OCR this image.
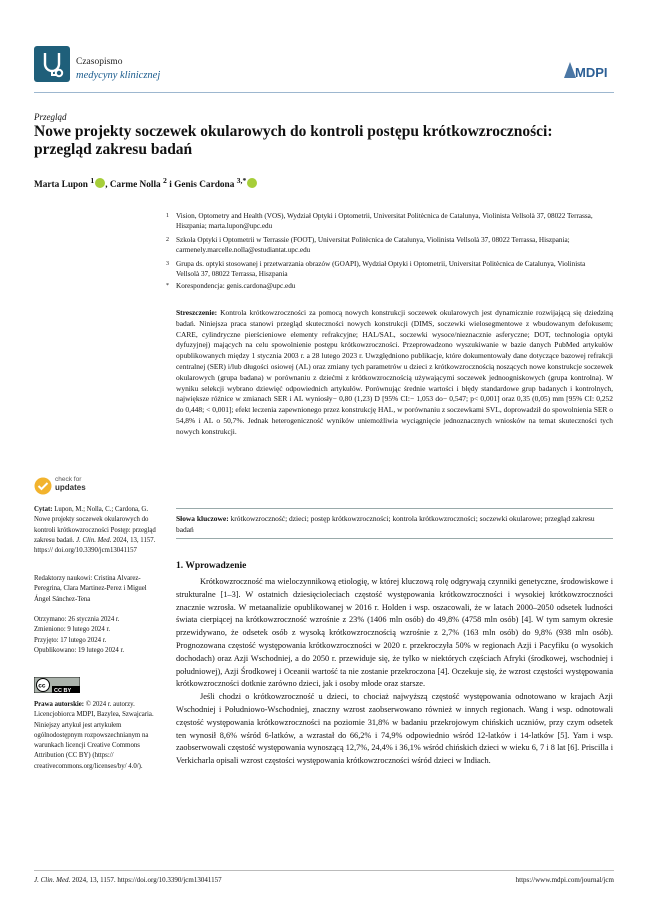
Czasopismo
medycyny klinicznej	MDPI
Przegląd
Nowe projekty soczewek okularowych do kontroli postępu krótkowzroczności: przegląd zakresu badań
Marta Lupon $^1$ , Carme Nolla $^2$ i Genis Cardona $^{3,*}$
1 Vision, Optometry and Health (VOS), Wydział Optyki i Optometrii, Universitat Politècnica de Catalunya, Violinista Vellsolà 37, 08022 Terrassa, Hiszpania; marta.lupon@upc.edu
2 Szkoła Optyki i Optometrii w Terrassie (FOOT), Universitat Politècnica de Catalunya, Violinista Vellsolà 37, 08022 Terrassa, Hiszpania; carmenely.marcelle.nolla@estudiantat.upc.edu
3 Grupa ds. optyki stosowanej i przetwarzania obrazów (GOAPI), Wydział Optyki i Optometrii, Universitat Politècnica de Catalunya, Violinista Vellsolà 37, 08022 Terrassa, Hiszpania
* Korespondencja: genis.cardona@upc.edu
Streszczenie: Kontrola krótkowzroczności za pomocą nowych konstrukcji soczewek okularowych jest dynamicznie rozwijającą się dziedziną badań. Niniejsza praca stanowi przegląd skuteczności nowych konstrukcji (DIMS, soczewki wielosegmentowe z wbudowanym defokusem; CARE, cylindryczne pierścieniowe elementy refrakcyjne; HAL/SAL, soczewki wysoce/nieznacznie asferyczne; DOT, technologia optyki dyfuzyjnej) mających na celu spowolnienie postępu krótkowzroczności. Przeprowadzono wyszukiwanie w bazie danych PubMed artykułów opublikowanych między 1 stycznia 2003 r. a 28 lutego 2023 r. Uwzględniono publikacje, które dokumentowały dane dotyczące bazowej refrakcji centralnej (SER) i/lub długości osiowej (AL) oraz zmiany tych parametrów u dzieci z krótkowzrocznością noszących nowe konstrukcje soczewek okularowych (grupa badana) w porównaniu z dziećmi z krótkowzrocznością używającymi soczewek jednoogniskowych (grupa kontrolna). W wyniku selekcji wybrano dziewięć odpowiednich artykułów. Porównując średnie wartości i błędy standardowe grup badanych i kontrolnych, największe różnice w zmianach SER i AL wyniosły− 0,80 (1,23) D [95% CI:− 1,053 do− 0,547; p< 0,001] oraz 0,35 (0,05) mm [95% CI: 0,252 do 0,448; < 0,001]; efekt leczenia zapewnionego przez konstrukcję HAL, w porównaniu z soczewkami SVL, doprowadził do spowolnienia SER o 54,8% i AL o 50,7%. Jednak heterogeniczność wyników uniemożliwia wyciągnięcie jednoznacznych wniosków na temat skuteczności tych nowych konstrukcji.
Słowa kluczowe: krótkowzroczność; dzieci; postęp krótkowzroczności; kontrola krótkowzroczności; soczewki okularowe; przegląd zakresu badań
check for
updates
Cytat: Lupon, M.; Nolla, C.; Cardona, G. Nowe projekty soczewek okularowych do kontroli krótkowzroczności Postęp: przegląd zakresu badań. J. Clin. Med. 2024, 13, 1157. https:// doi.org/10.3390/jcm13041157
Redaktorzy naukowi: Cristina Alvarez-Peregrina, Clara Martinez-Perez i Miguel Ángel Sánchez-Tena
Otrzymano: 26 stycznia 2024 r.
Zmieniono: 9 lutego 2024 r.
Przyjęto: 17 lutego 2024 r.
Opublikowano: 19 lutego 2024 r.
cc
CC BY
Prawa autorskie: © 2024 r. autorzy. Licencjobiorca MDPI, Bazylea, Szwajcaria. Niniejszy artykuł jest artykułem ogólnodostępnym rozpowszechnianym na warunkach licencji Creative Commons Attribution (CC BY) (https:// creativecommons.org/licenses/by/ 4.0/).
1. Wprowadzenie

Krótkowzroczność ma wieloczynnikową etiologię, w której kluczową rolę odgrywają czynniki genetyczne, środowiskowe i strukturalne [1–3]. W ostatnich dziesięcioleciach częstość występowania krótkowzroczności i wysokiej krótkowzroczności znacznie wzrosła. W metaanalizie opublikowanej w 2016 r. Holden i wsp. oszacowali, że w latach 2000–2050 odsetek ludności świata cierpiącej na krótkowzroczność wzrośnie z 23% (1406 mln osób) do 49,8% (4758 mln osób) [4]. W tym samym okresie przewidywano, że odsetek osób z wysoką krótkowzrocznością wzrośnie z 2,7% (163 mln osób) do 9,8% (938 mln osób). Prognozowana częstość występowania krótkowzroczności w 2020 r. przekroczyła 50% w regionach Azji i Pacyfiku (o wysokich dochodach) oraz Azji Wschodniej, a do 2050 r. przewiduje się, że tylko w niektórych częściach Afryki (środkowej, wschodniej i południowej), Azji Środkowej i Oceanii wartość ta nie zostanie przekroczona [4]. Oczekuje się, że wzrost częstości występowania krótkowzroczności dotknie zarówno dzieci, jak i osoby młode oraz starsze.

Jeśli chodzi o krótkowzroczność u dzieci, to chociaż najwyższą częstość występowania odnotowano w krajach Azji Wschodniej i Południowo-Wschodniej, znaczny wzrost zaobserwowano również w innych regionach. Wang i wsp. odnotowali częstość występowania krótkowzroczności na poziomie 31,8% w badaniu przekrojowym chińskich uczniów, przy czym odsetek ten wynosił 8,6% wśród 6-latków, a wzrastał do 66,2% i 74,9% odpowiednio wśród 12-latków i 14-latków [5]. Yam i wsp. zaobserwowali częstość występowania wynoszącą 12,7%, 24,4% i 36,1% wśród chińskich dzieci w wieku 6, 7 i 8 lat [6]. Priscilla i Verkicharla opisali wzrost częstości występowania krótkowzroczności wśród dzieci w Indiach.

J. Clin. Med. 2024, 13, 1157. https://doi.org/10.3390/jcm13041157	https://www.mdpi.com/journal/jcm
